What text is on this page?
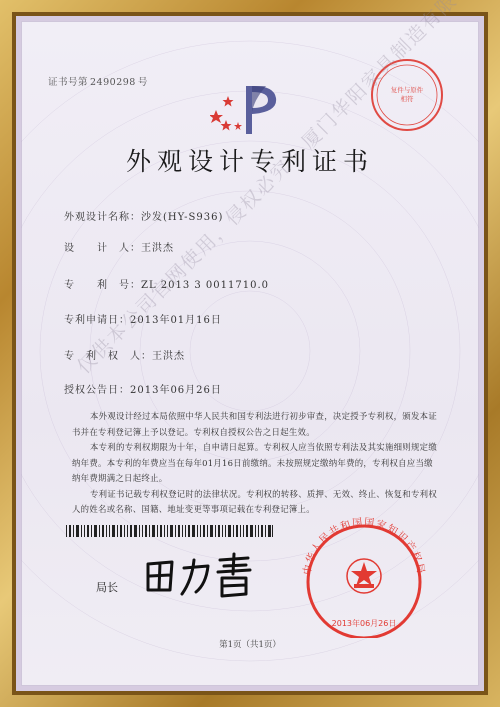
证书号第 2490298 号
复件与原件
相符
外观设计专利证书
外观设计名称：沙发(HY-S936)
设　　计　人：王洪杰
专　　利　号：ZL 2013 3 0011710.0
专利申请日：2013年01月16日
专　利　权　人：王洪杰
授权公告日：2013年06月26日

本外观设计经过本局依照中华人民共和国专利法进行初步审查，决定授予专利权，颁发本证书并在专利登记簿上予以登记。专利权自授权公告之日起生效。

本专利的专利权期限为十年，自申请日起算。专利权人应当依照专利法及其实施细则规定缴纳年费。本专利的年费应当在每年01月16日前缴纳。未按照规定缴纳年费的，专利权自应当缴纳年费期满之日起终止。

专利证书记载专利权登记时的法律状况。专利权的转移、质押、无效、终止、恢复和专利权人的姓名或名称、国籍、地址变更等事项记载在专利登记簿上。

仅供本公司官网使用，侵权必究 ·
局长
中华人民共和国国家知识产权局
2013年06月26日
第1页（共1页）
